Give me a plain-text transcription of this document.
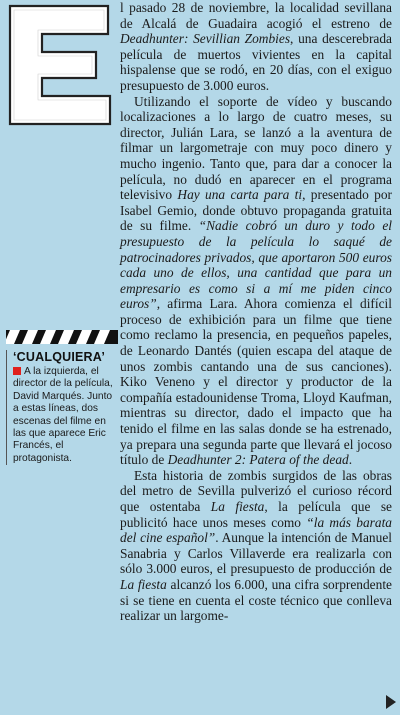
l pasado 28 de noviembre, la localidad sevillana de Alcalá de Guadaira acogió el estreno de Deadhunter: Sevillian Zombies, una descerebrada película de muertos vivientes en la capital hispalense que se rodó, en 20 días, con el exiguo presupuesto de 3.000 euros.

Utilizando el soporte de vídeo y buscando localizaciones a lo largo de cuatro meses, su director, Julián Lara, se lanzó a la aventura de filmar un largometraje con muy poco dinero y mucho ingenio. Tanto que, para dar a conocer la película, no dudó en aparecer en el programa televisivo Hay una carta para ti, presentado por Isabel Gemio, donde obtuvo propaganda gratuita de su filme. “Nadie cobró un duro y todo el presupuesto de la película lo saqué de patrocinadores privados, que aportaron 500 euros cada uno de ellos, una cantidad que para un empresario es como si a mí me piden cinco euros”, afirma Lara. Ahora comienza el difícil proceso de exhibición para un filme que tiene como reclamo la presencia, en pequeños papeles, de Leonardo Dantés (quien escapa del ataque de unos zombis cantando una de sus canciones). Kiko Veneno y el director y productor de la compañía estadounidense Troma, Lloyd Kaufman, mientras su director, dado el impacto que ha tenido el filme en las salas donde se ha estrenado, ya prepara una segunda parte que llevará el jocoso título de Deadhunter 2: Patera of the dead.

Esta historia de zombis surgidos de las obras del metro de Sevilla pulverizó el curioso récord que ostentaba La fiesta, la película que se publicitó hace unos meses como “la más barata del cine español”. Aunque la intención de Manuel Sanabria y Carlos Villaverde era realizarla con sólo 3.000 euros, el presupuesto de producción de La fiesta alcanzó los 6.000, una cifra sorprendente si se tiene en cuenta el coste técnico que conlleva realizar un largome-

‘CUALQUIERA’
A la izquierda, el director de la película, David Marqués. Junto a estas líneas, dos escenas del filme en las que aparece Eric Francés, el protagonista.
